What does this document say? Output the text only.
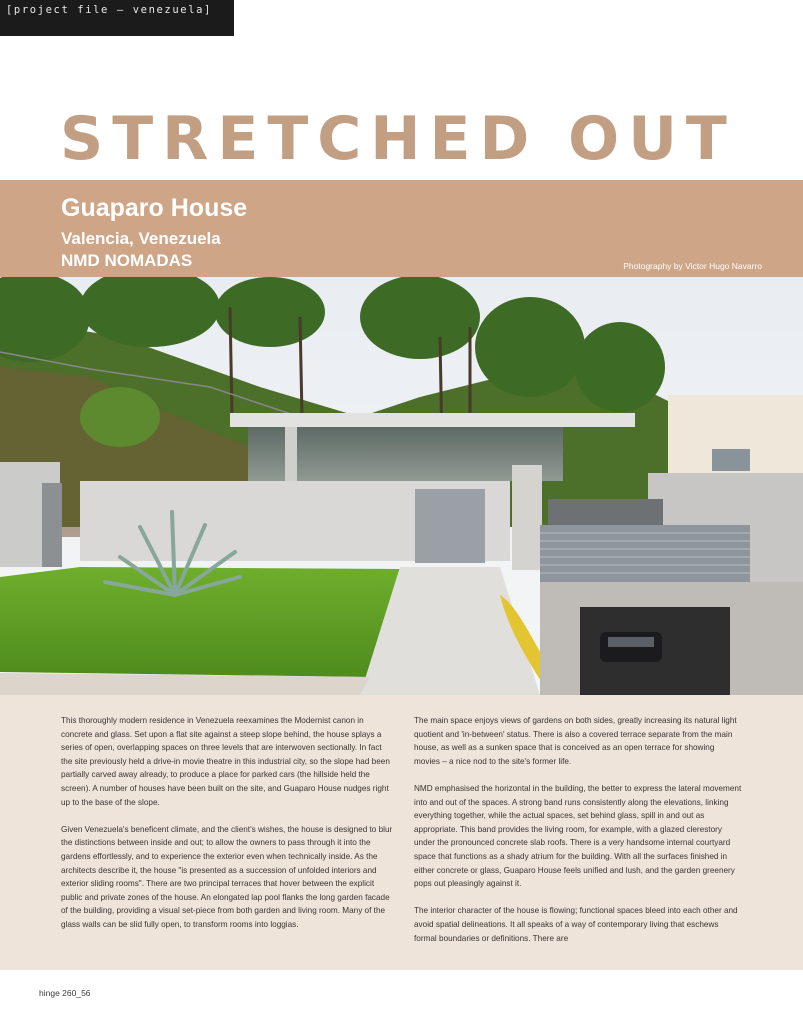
[project file – venezuela]
STRETCHED OUT
Guaparo House
Valencia, Venezuela
NMD NOMADAS	Photography by Victor Hugo Navarro

This thoroughly modern residence in Venezuela reexamines the Modernist canon in concrete and glass. Set upon a flat site against a steep slope behind, the house splays a series of open, overlapping spaces on three levels that are interwoven sectionally. In fact the site previously held a drive-in movie theatre in this industrial city, so the slope had been partially carved away already, to produce a place for parked cars (the hillside held the screen). A number of houses have been built on the site, and Guaparo House nudges right up to the base of the slope.

Given Venezuela's beneficent climate, and the client's wishes, the house is designed to blur the distinctions between inside and out; to allow the owners to pass through it into the gardens effortlessly, and to experience the exterior even when technically inside. As the architects describe it, the house "is presented as a succession of unfolded interiors and exterior sliding rooms". There are two principal terraces that hover between the explicit public and private zones of the house. An elongated lap pool flanks the long garden facade of the building, providing a visual set-piece from both garden and living room. Many of the glass walls can be slid fully open, to transform rooms into loggias.

The main space enjoys views of gardens on both sides, greatly increasing its natural light quotient and 'in-between' status. There is also a covered terrace separate from the main house, as well as a sunken space that is conceived as an open terrace for showing movies – a nice nod to the site's former life.

NMD emphasised the horizontal in the building, the better to express the lateral movement into and out of the spaces. A strong band runs consistently along the elevations, linking everything together, while the actual spaces, set behind glass, spill in and out as appropriate. This band provides the living room, for example, with a glazed clerestory under the pronounced concrete slab roofs. There is a very handsome internal courtyard space that functions as a shady atrium for the building. With all the surfaces finished in either concrete or glass, Guaparo House feels unified and lush, and the garden greenery pops out pleasingly against it.

The interior character of the house is flowing; functional spaces bleed into each other and avoid spatial delineations. It all speaks of a way of contemporary living that eschews formal boundaries or definitions. There are

hinge 260_56
